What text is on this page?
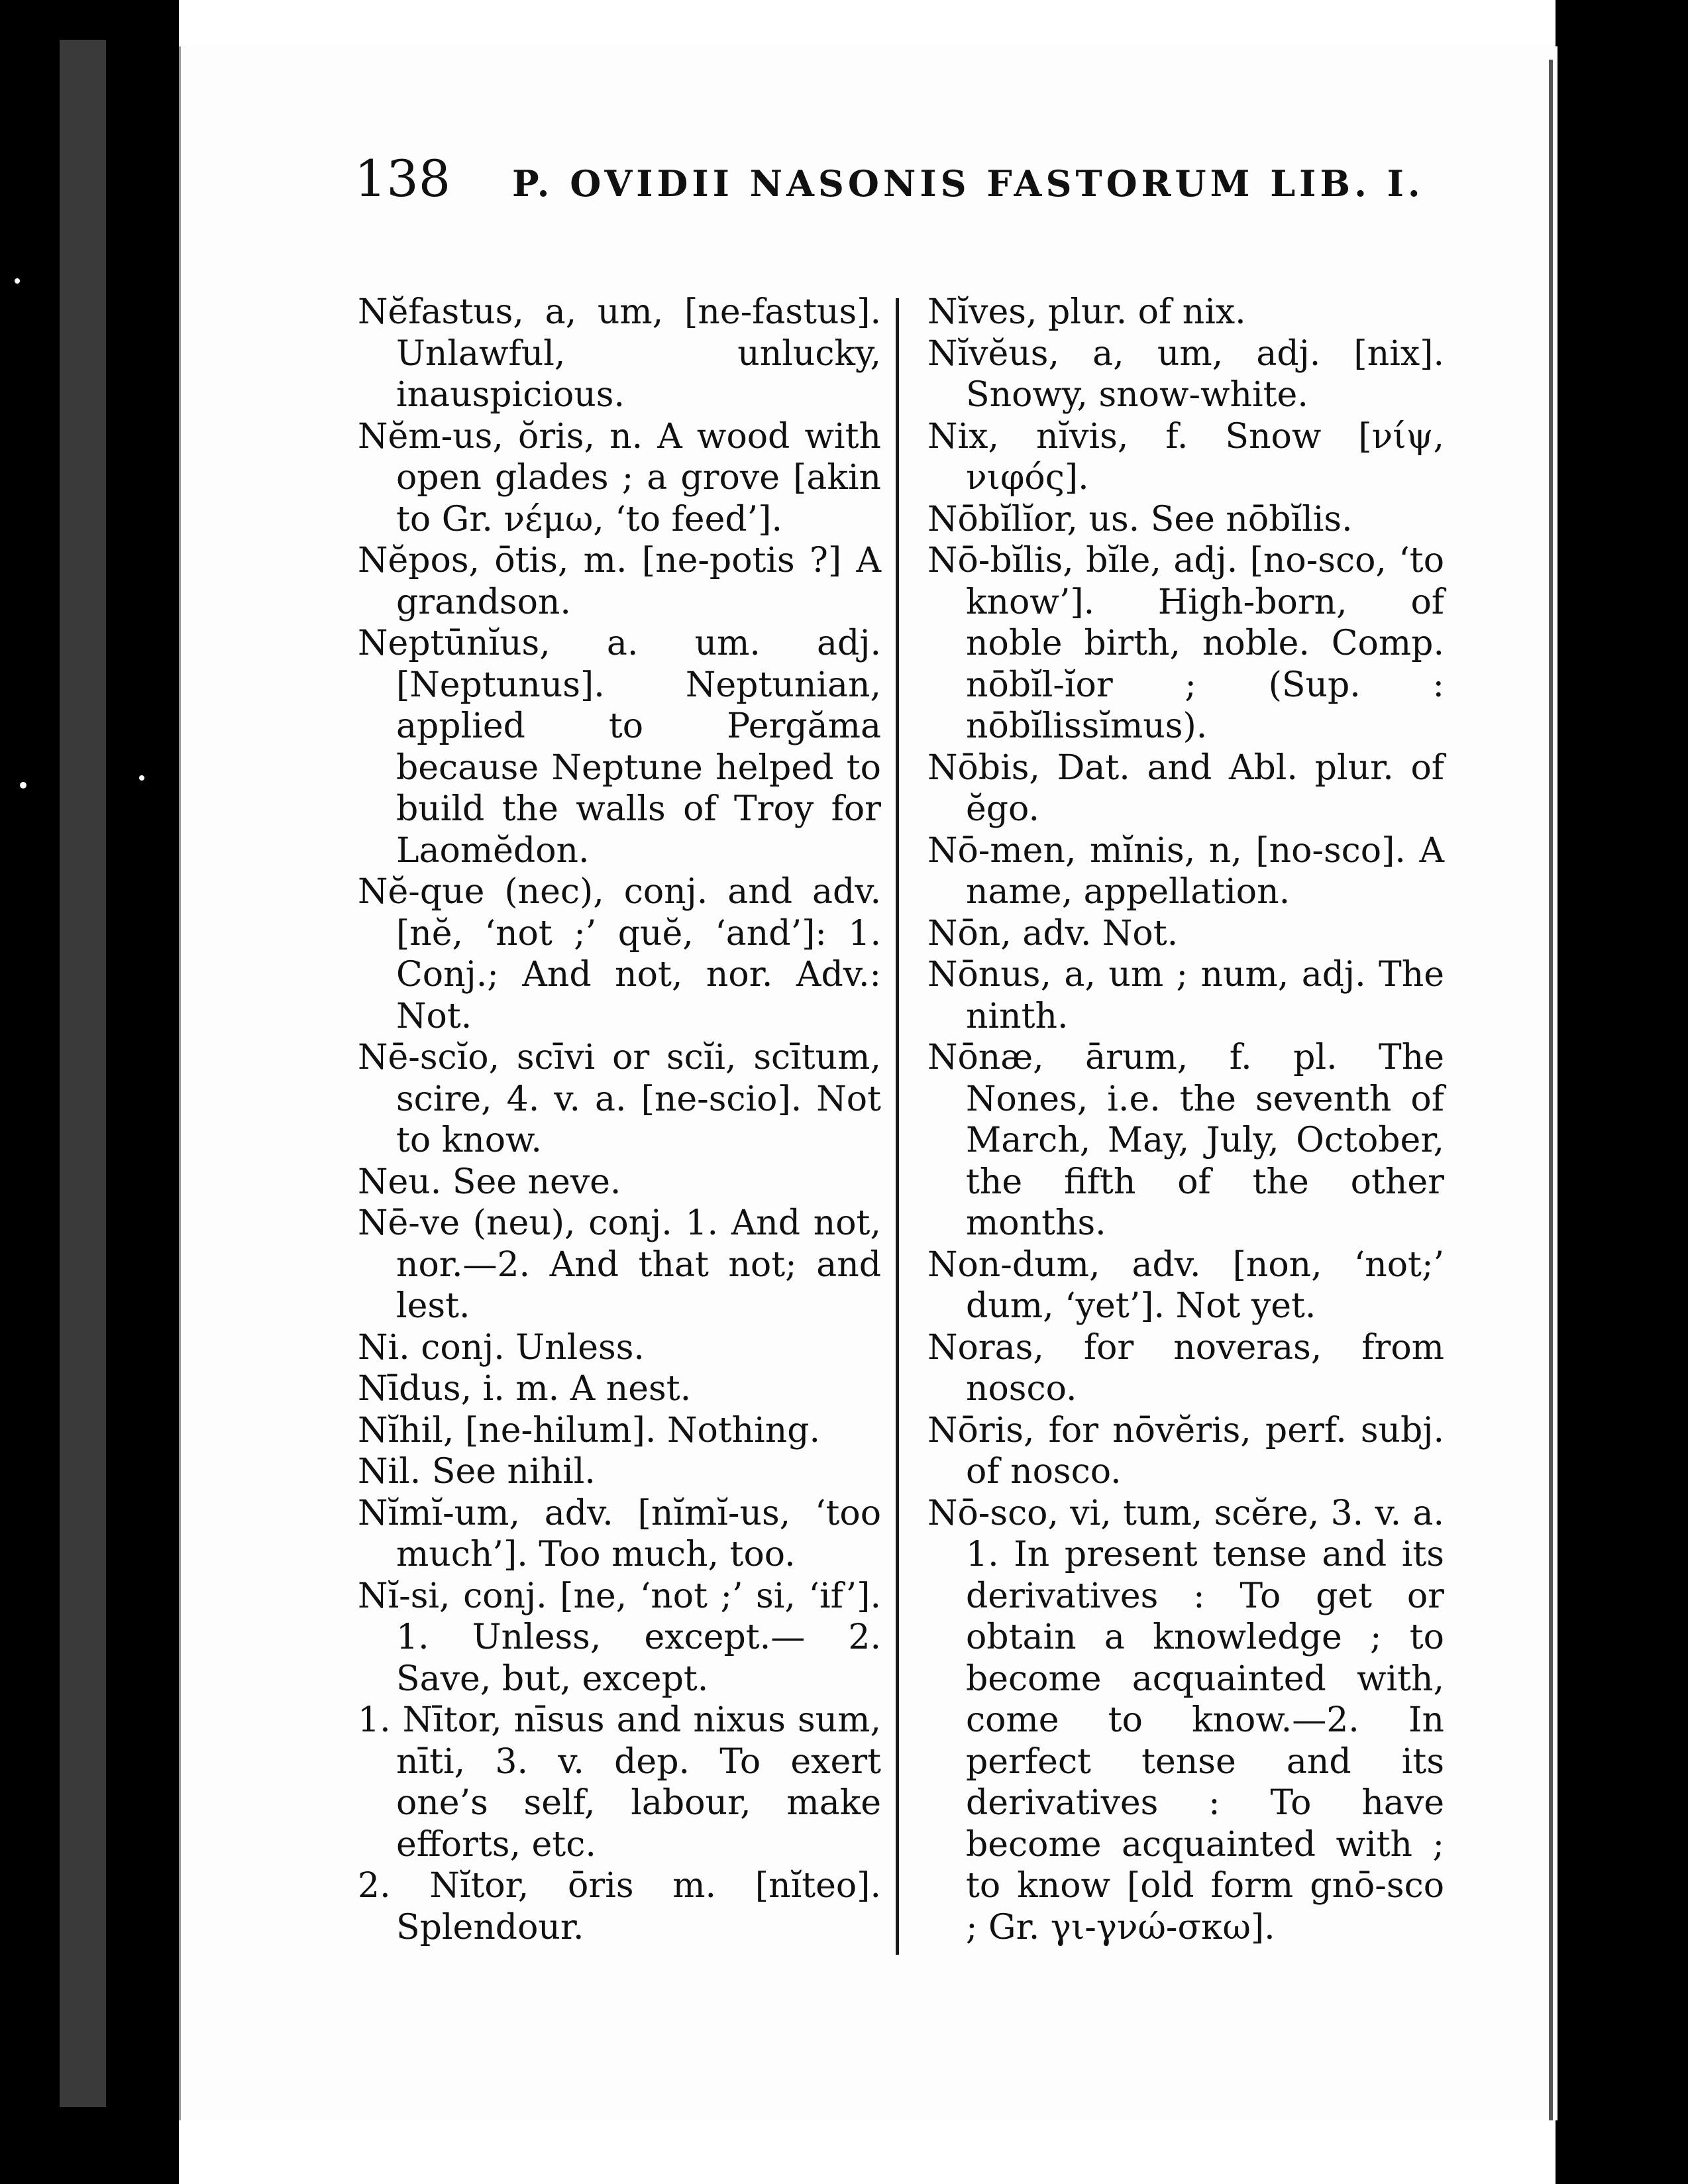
138 P. OVIDII NASONIS FASTORUM LIB. I.

Nĕfastus, a, um, [ne-fastus]. Unlawful, unlucky, inauspicious.

Nĕm-us, ŏris, n. A wood with open glades ; a grove [akin to Gr. νέμω, ‘to feed’].

Nĕpos, ōtis, m. [ne-potis ?] A grandson.

Neptūnĭus, a. um. adj. [Neptunus]. Neptunian, applied to Pergăma because Neptune helped to build the walls of Troy for Laomĕdon.

Nĕ-que (nec), conj. and adv. [nĕ, ‘not ;’ quĕ, ‘and’]: 1. Conj.; And not, nor. Adv.: Not.

Nē-scĭo, scīvi or scĭi, scītum, scire, 4. v. a. [ne-scio]. Not to know.

Neu. See neve.

Nē-ve (neu), conj. 1. And not, nor.—2. And that not; and lest.

Ni. conj. Unless.

Nīdus, i. m. A nest.

Nĭhil, [ne-hilum]. Nothing.

Nil. See nihil.

Nĭmĭ-um, adv. [nĭmĭ-us, ‘too much’]. Too much, too.

Nĭ-si, conj. [ne, ‘not ;’ si, ‘if’]. 1. Unless, except.— 2. Save, but, except.

1. Nītor, nīsus and nixus sum, nīti, 3. v. dep. To exert one’s self, labour, make efforts, etc.

2. Nĭtor, ōris m. [nĭteo]. Splendour.

Nĭves, plur. of nix.

Nĭvĕus, a, um, adj. [nix]. Snowy, snow-white.

Nix, nĭvis, f. Snow [νίψ, νιφός].

Nōbĭlĭor, us. See nōbĭlis.

Nō-bĭlis, bĭle, adj. [no-sco, ‘to know’]. High-born, of noble birth, noble. Comp. nōbĭl-ĭor ; (Sup. : nōbĭlissĭmus).

Nōbis, Dat. and Abl. plur. of ĕgo.

Nō-men, mĭnis, n, [no-sco]. A name, appellation.

Nōn, adv. Not.

Nōnus, a, um ; num, adj. The ninth.

Nōnæ, ārum, f. pl. The Nones, i.e. the seventh of March, May, July, October, the fifth of the other months.

Non-dum, adv. [non, ‘not;’ dum, ‘yet’]. Not yet.

Noras, for noveras, from nosco.

Nōris, for nōvĕris, perf. subj. of nosco.

Nō-sco, vi, tum, scĕre, 3. v. a. 1. In present tense and its derivatives : To get or obtain a knowledge ; to become acquainted with, come to know.—2. In perfect tense and its derivatives : To have become acquainted with ; to know [old form gnō-sco ; Gr. γι-γνώ-σκω].
